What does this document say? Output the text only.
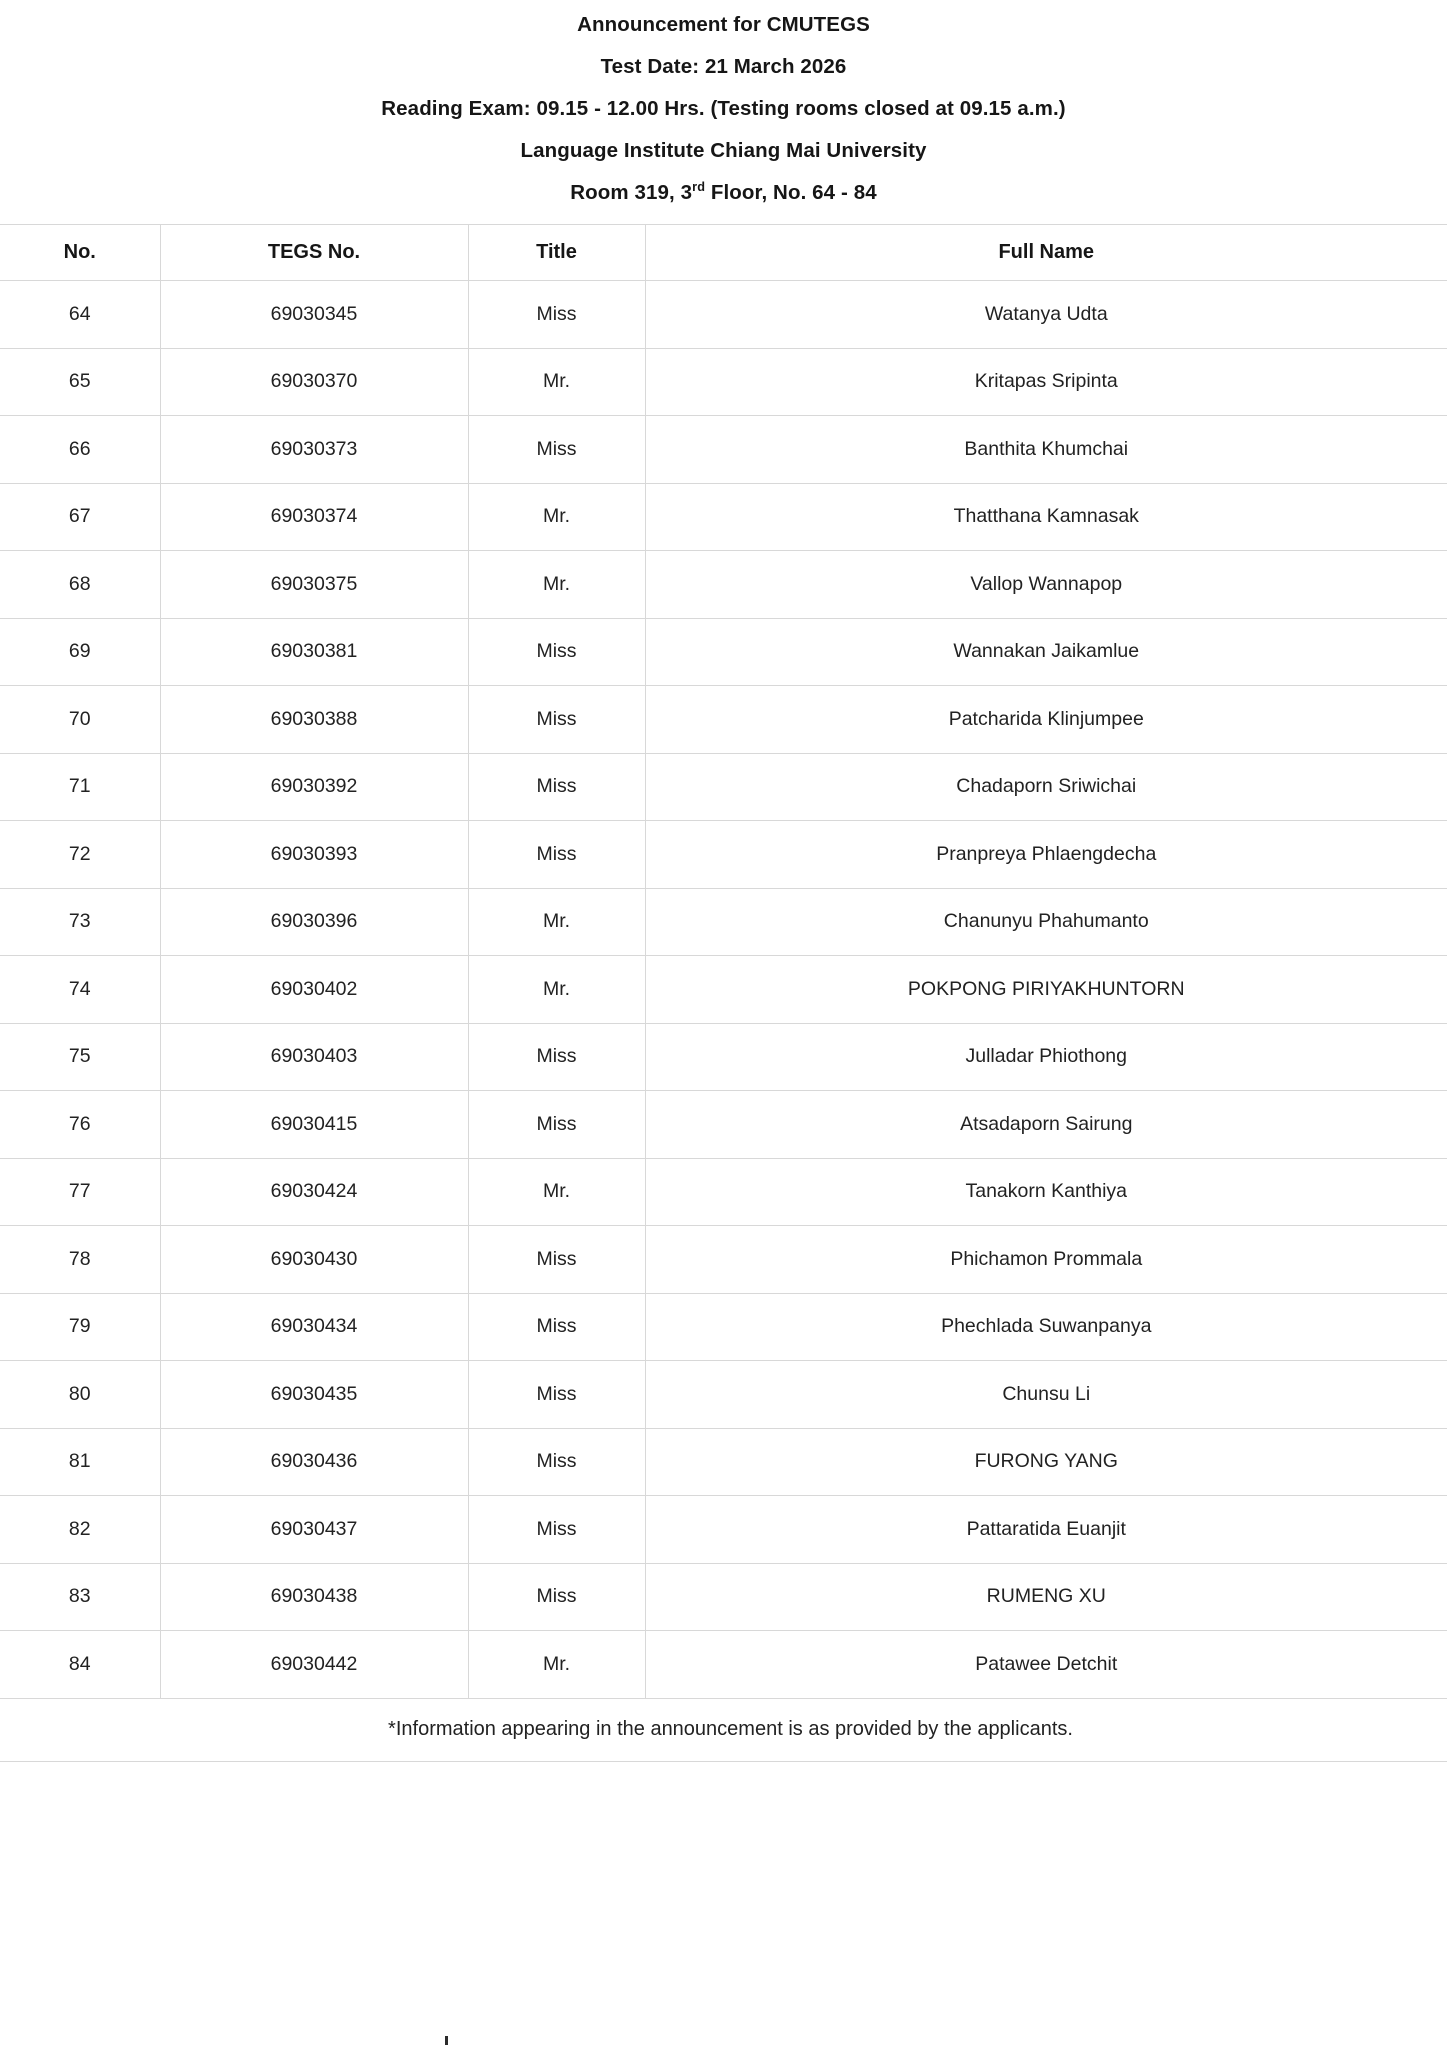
Announcement for CMUTEGS
Test Date: 21 March 2026
Reading Exam: 09.15 - 12.00 Hrs. (Testing rooms closed at 09.15 a.m.)
Language Institute Chiang Mai University
Room 319, 3rd Floor, No. 64 - 84
No.	TEGS No.	Title	Full Name
64	69030345	Miss	Watanya Udta
65	69030370	Mr.	Kritapas Sripinta
66	69030373	Miss	Banthita Khumchai
67	69030374	Mr.	Thatthana Kamnasak
68	69030375	Mr.	Vallop Wannapop
69	69030381	Miss	Wannakan Jaikamlue
70	69030388	Miss	Patcharida Klinjumpee
71	69030392	Miss	Chadaporn Sriwichai
72	69030393	Miss	Pranpreya Phlaengdecha
73	69030396	Mr.	Chanunyu Phahumanto
74	69030402	Mr.	POKPONG PIRIYAKHUNTORN
75	69030403	Miss	Julladar Phiothong
76	69030415	Miss	Atsadaporn Sairung
77	69030424	Mr.	Tanakorn Kanthiya
78	69030430	Miss	Phichamon Prommala
79	69030434	Miss	Phechlada Suwanpanya
80	69030435	Miss	Chunsu Li
81	69030436	Miss	FURONG YANG
82	69030437	Miss	Pattaratida Euanjit
83	69030438	Miss	RUMENG XU
84	69030442	Mr.	Patawee Detchit

*Information appearing in the announcement is as provided by the applicants.			
